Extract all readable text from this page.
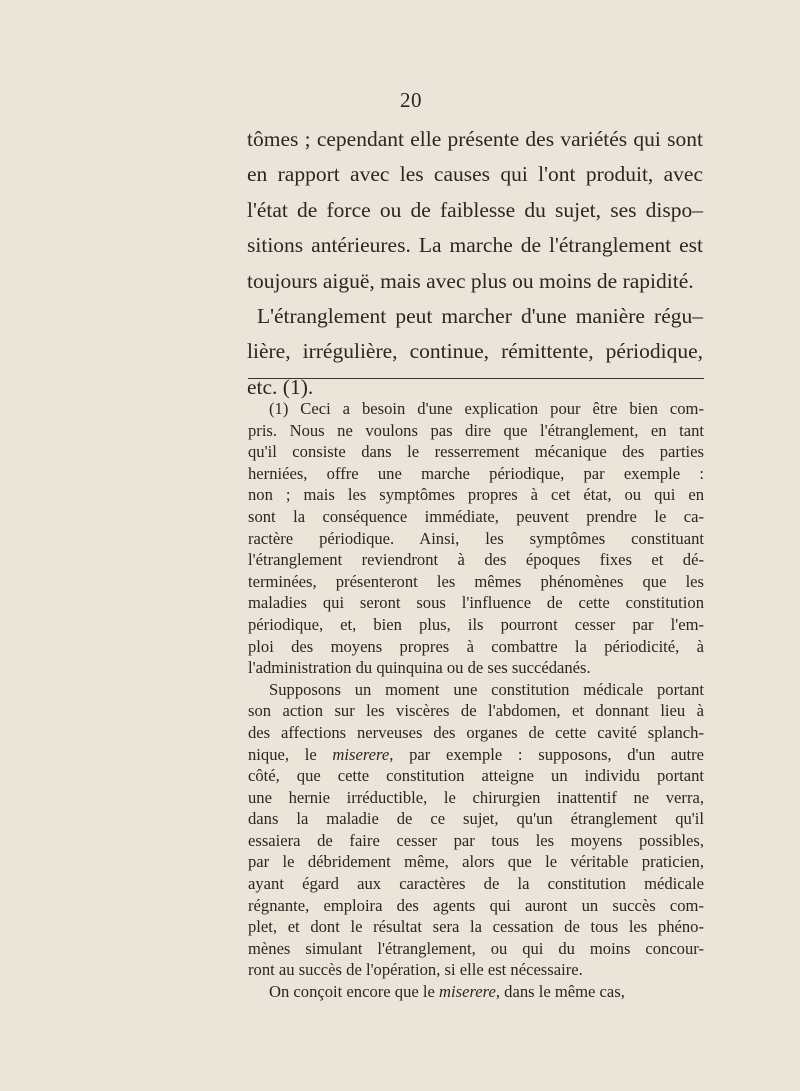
20
tômes ; cependant elle présente des variétés qui sont
en rapport avec les causes qui l'ont produit, avec
l'état de force ou de faiblesse du sujet, ses dispo–
sitions antérieures. La marche de l'étranglement est
toujours aiguë, mais avec plus ou moins de rapidité.
L'étranglement peut marcher d'une manière régu–
lière, irrégulière, continue, rémittente, périodique,
etc. (1).
(1) Ceci a besoin d'une explication pour être bien com-
pris. Nous ne voulons pas dire que l'étranglement, en tant
qu'il consiste dans le resserrement mécanique des parties
herniées, offre une marche périodique, par exemple :
non ; mais les symptômes propres à cet état, ou qui en
sont la conséquence immédiate, peuvent prendre le ca-
ractère périodique. Ainsi, les symptômes constituant
l'étranglement reviendront à des époques fixes et dé-
terminées, présenteront les mêmes phénomènes que les
maladies qui seront sous l'influence de cette constitution
périodique, et, bien plus, ils pourront cesser par l'em-
ploi des moyens propres à combattre la périodicité, à
l'administration du quinquina ou de ses succédanés.
Supposons un moment une constitution médicale portant
son action sur les viscères de l'abdomen, et donnant lieu à
des affections nerveuses des organes de cette cavité splanch-
nique, le miserere, par exemple : supposons, d'un autre
côté, que cette constitution atteigne un individu portant
une hernie irréductible, le chirurgien inattentif ne verra,
dans la maladie de ce sujet, qu'un étranglement qu'il
essaiera de faire cesser par tous les moyens possibles,
par le débridement même, alors que le véritable praticien,
ayant égard aux caractères de la constitution médicale
régnante, emploira des agents qui auront un succès com-
plet, et dont le résultat sera la cessation de tous les phéno-
mènes simulant l'étranglement, ou qui du moins concour-
ront au succès de l'opération, si elle est nécessaire.
On conçoit encore que le miserere, dans le même cas,
